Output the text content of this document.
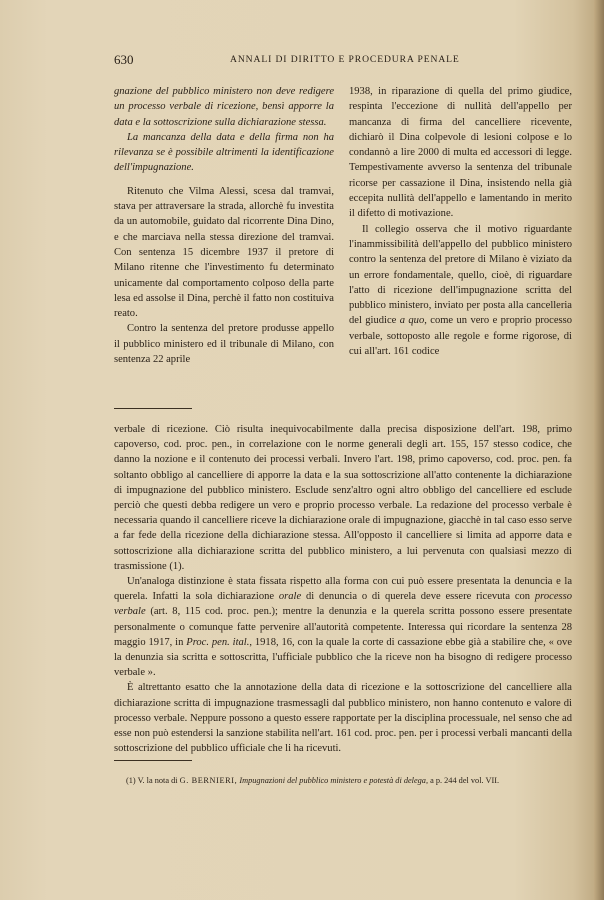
630	ANNALI DI DIRITTO E PROCEDURA PENALE

gnazione del pubblico ministero non deve redigere un processo verbale di ricezione, bensì apporre la data e la sottoscrizione sulla dichiarazione stessa.

La mancanza della data e della firma non ha rilevanza se è possibile altrimenti la identificazione dell'impugnazione.

Ritenuto che Vilma Alessi, scesa dal tramvai, stava per attraversare la strada, allorchè fu investita da un automobile, guidato dal ricorrente Dina Dino, e che marciava nella stessa direzione del tramvai. Con sentenza 15 dicembre 1937 il pretore di Milano ritenne che l'investimento fu determinato unicamente dal comportamento colposo della parte lesa ed assolse il Dina, perchè il fatto non costituiva reato.

Contro la sentenza del pretore produsse appello il pubblico ministero ed il tribunale di Milano, con sentenza 22 aprile

1938, in riparazione di quella del primo giudice, respinta l'eccezione di nullità dell'appello per mancanza di firma del cancelliere ricevente, dichiarò il Dina colpevole di lesioni colpose e lo condannò a lire 2000 di multa ed accessori di legge. Tempestivamente avverso la sentenza del tribunale ricorse per cassazione il Dina, insistendo nella già eccepita nullità dell'appello e lamentando in merito il difetto di motivazione.

Il collegio osserva che il motivo riguardante l'inammissibilità dell'appello del pubblico ministero contro la sentenza del pretore di Milano è viziato da un errore fondamentale, quello, cioè, di riguardare l'atto di ricezione dell'impugnazione scritta del pubblico ministero, inviato per posta alla cancelleria del giudice a quo, come un vero e proprio processo verbale, sottoposto alle regole e forme rigorose, di cui all'art. 161 codice

verbale di ricezione. Ciò risulta inequivocabilmente dalla precisa disposizione dell'art. 198, primo capoverso, cod. proc. pen., in correlazione con le norme generali degli art. 155, 157 stesso codice, che danno la nozione e il contenuto dei processi verbali. Invero l'art. 198, primo capoverso, cod. proc. pen. fa soltanto obbligo al cancelliere di apporre la data e la sua sottoscrizione all'atto contenente la dichiarazione di impugnazione del pubblico ministero. Esclude senz'altro ogni altro obbligo del cancelliere ed esclude perciò che questi debba redigere un vero e proprio processo verbale. La redazione del processo verbale è necessaria quando il cancelliere riceve la dichiarazione orale di impugnazione, giacchè in tal caso esso serve a far fede della ricezione della dichiarazione stessa. All'opposto il cancelliere si limita ad apporre data e sottoscrizione alla dichiarazione scritta del pubblico ministero, a lui pervenuta con qualsiasi mezzo di trasmissione (1).

Un'analoga distinzione è stata fissata rispetto alla forma con cui può essere presentata la denuncia e la querela. Infatti la sola dichiarazione orale di denuncia o di querela deve essere ricevuta con processo verbale (art. 8, 115 cod. proc. pen.); mentre la denunzia e la querela scritta possono essere presentate personalmente o comunque fatte pervenire all'autorità competente. Interessa qui ricordare la sentenza 28 maggio 1917, in Proc. pen. ital., 1918, 16, con la quale la corte di cassazione ebbe già a stabilire che, « ove la denunzia sia scritta e sottoscritta, l'ufficiale pubblico che la riceve non ha bisogno di redigere processo verbale ».

È altrettanto esatto che la annotazione della data di ricezione e la sottoscrizione del cancelliere alla dichiarazione scritta di impugnazione trasmessagli dal pubblico ministero, non hanno contenuto e valore di processo verbale. Neppure possono a questo essere rapportate per la disciplina processuale, nel senso che ad esse non può estendersi la sanzione stabilita nell'art. 161 cod. proc. pen. per i processi verbali mancanti della sottoscrizione del pubblico ufficiale che li ha ricevuti.

(1) V. la nota di G. BERNIERI, Impugnazioni del pubblico ministero e potestà di delega, a p. 244 del vol. VII.
